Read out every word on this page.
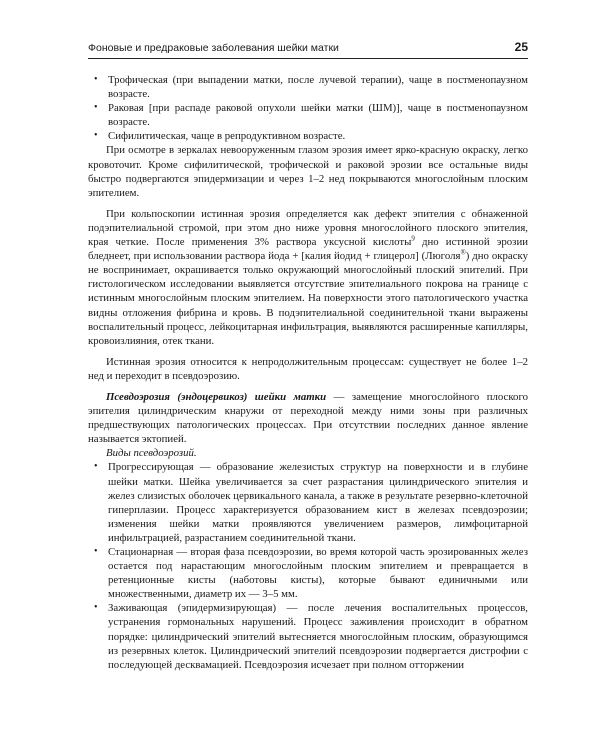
Фоновые и предраковые заболевания шейки матки	25
• Трофическая (при выпадении матки, после лучевой терапии), чаще в постменопаузном возрасте.
• Раковая [при распаде раковой опухоли шейки матки (ШМ)], чаще в постменопаузном возрасте.
• Сифилитическая, чаще в репродуктивном возрасте.

При осмотре в зеркалах невооруженным глазом эрозия имеет ярко-красную окраску, легко кровоточит. Кроме сифилитической, трофической и раковой эрозии все остальные виды быстро подвергаются эпидермизации и через 1–2 нед покрываются многослойным плоским эпителием.

При кольпоскопии истинная эрозия определяется как дефект эпителия с обнаженной подэпителиальной стромой, при этом дно ниже уровня многослойного плоского эпителия, края четкие. После применения 3% раствора уксусной кислоты$^9$ дно истинной эрозии бледнеет, при использовании раствора йода + [калия йодид + глицерол] (Люголя®) дно окраску не воспринимает, окрашивается только окружающий многослойный плоский эпителий. При гистологическом исследовании выявляется отсутствие эпителиального покрова на границе с истинным многослойным плоским эпителием. На поверхности этого патологического участка видны отложения фибрина и кровь. В подэпителиальной соединительной ткани выражены воспалительный процесс, лейкоцитарная инфильтрация, выявляются расширенные капилляры, кровоизлияния, отек ткани.

Истинная эрозия относится к непродолжительным процессам: существует не более 1–2 нед и переходит в псевдоэрозию.

Псевдоэрозия (эндоцервикоз) шейки матки — замещение многослойного плоского эпителия цилиндрическим кнаружи от переходной между ними зоны при различных предшествующих патологических процессах. При отсутствии последних данное явление называется эктопией.

Виды псевдоэрозий.

• Прогрессирующая — образование железистых структур на поверхности и в глубине шейки матки. Шейка увеличивается за счет разрастания цилиндрического эпителия и желез слизистых оболочек цервикального канала, а также в результате резервно-клеточной гиперплазии. Процесс характеризуется образованием кист в железах псевдоэрозии; изменения шейки матки проявляются увеличением размеров, лимфоцитарной инфильтрацией, разрастанием соединительной ткани.
• Стационарная — вторая фаза псевдоэрозии, во время которой часть эрозированных желез остается под нарастающим многослойным плоским эпителием и превращается в ретенционные кисты (наботовы кисты), которые бывают единичными или множественными, диаметр их — 3–5 мм.
• Заживающая (эпидермизирующая) — после лечения воспалительных процессов, устранения гормональных нарушений. Процесс заживления происходит в обратном порядке: цилиндрический эпителий вытесняется многослойным плоским, образующимся из резервных клеток. Цилиндрический эпителий псевдоэрозии подвергается дистрофии с последующей десквамацией. Псевдоэрозия исчезает при полном отторжении
